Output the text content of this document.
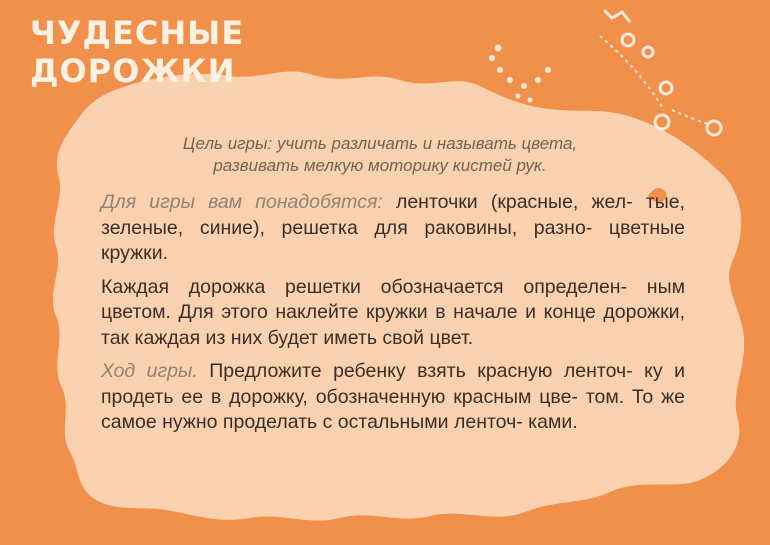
ЧУДЕСНЫЕ
ДОРОЖКИ

Цель игры: учить различать и называть цвета,
развивать мелкую моторику кистей рук.

Для игры вам понадобятся: ленточки (красные, жел- тые, зеленые, синие), решетка для раковины, разно- цветные кружки.

Каждая дорожка решетки обозначается определен- ным цветом. Для этого наклейте кружки в начале и конце дорожки, так каждая из них будет иметь свой цвет.

Ход игры. Предложите ребенку взять красную ленточ- ку и продеть ее в дорожку, обозначенную красным цве- том. То же самое нужно проделать с остальными ленточ- ками.
